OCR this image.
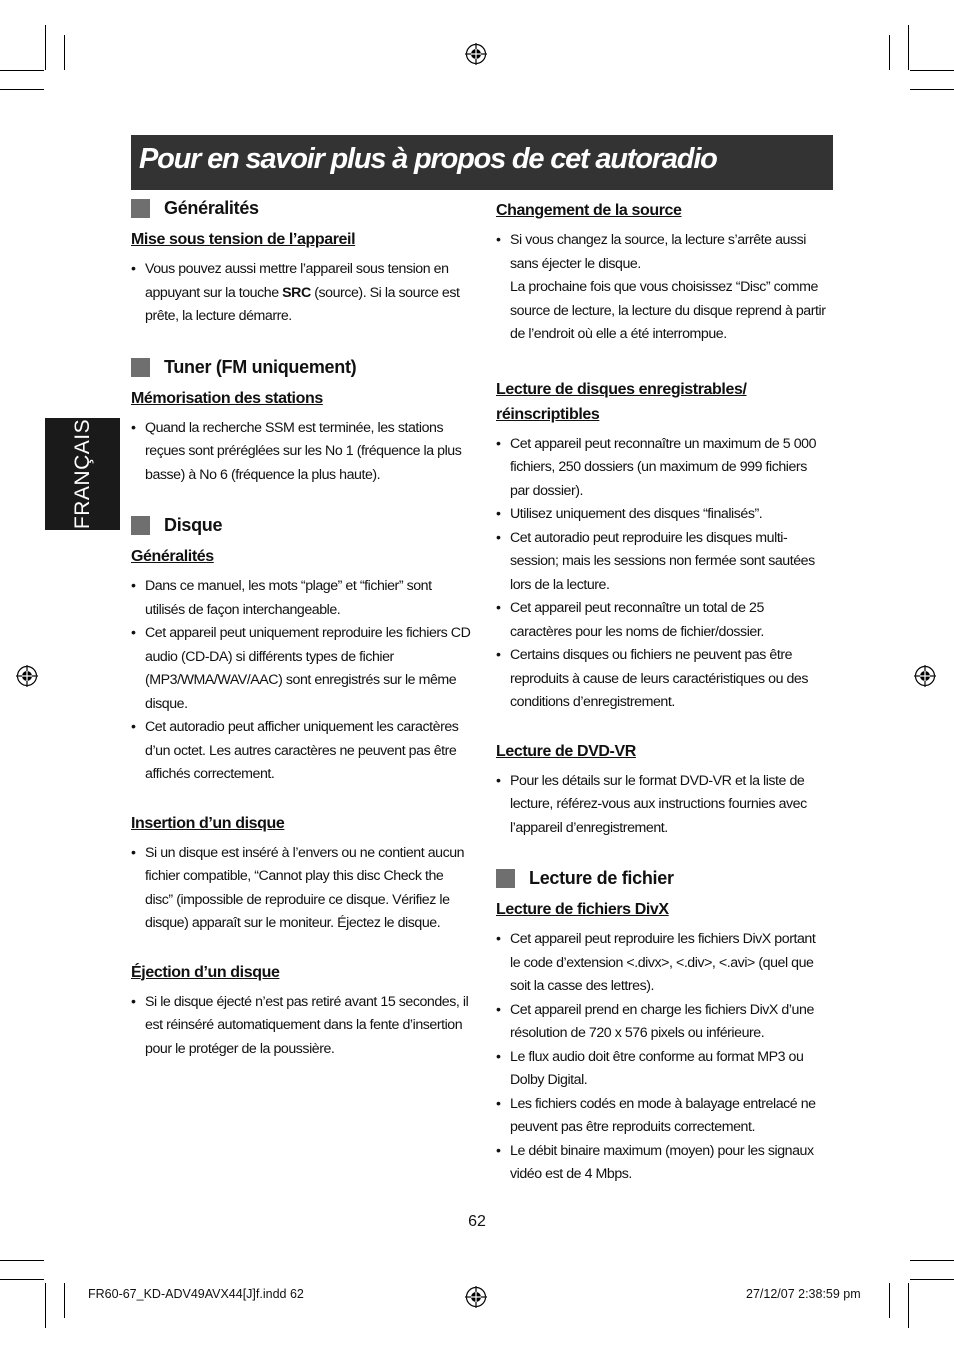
Pour en savoir plus à propos de cet autoradio
FRANÇAIS
Généralités

Mise sous tension de l’appareil

• Vous pouvez aussi mettre l’appareil sous tension en appuyant sur la touche SRC (source). Si la source est prête, la lecture démarre.
Tuner (FM uniquement)

Mémorisation des stations

• Quand la recherche SSM est terminée, les stations reçues sont préréglées sur les No 1 (fréquence la plus basse) à No 6 (fréquence la plus haute).
Disque

Généralités

• Dans ce manuel, les mots “plage” et “fichier” sont utilisés de façon interchangeable.
• Cet appareil peut uniquement reproduire les fichiers CD audio (CD-DA) si différents types de fichier (MP3/WMA/WAV/AAC) sont enregistrés sur le même disque.
• Cet autoradio peut afficher uniquement les caractères d’un octet. Les autres caractères ne peuvent pas être affichés correctement.

Insertion d’un disque

• Si un disque est inséré à l’envers ou ne contient aucun fichier compatible, “Cannot play this disc Check the disc” (impossible de reproduire ce disque. Vérifiez le disque) apparaît sur le moniteur. Éjectez le disque.

Éjection d’un disque

• Si le disque éjecté n’est pas retiré avant 15 secondes, il est réinséré automatiquement dans la fente d’insertion pour le protéger de la poussière.

Changement de la source

• Si vous changez la source, la lecture s’arrête aussi sans éjecter le disque.

La prochaine fois que vous choisissez “Disc” comme source de lecture, la lecture du disque reprend à partir de l’endroit où elle a été interrompue.

Lecture de disques enregistrables/ réinscriptibles

• Cet appareil peut reconnaître un maximum de 5 000 fichiers, 250 dossiers (un maximum de 999 fichiers par dossier).
• Utilisez uniquement des disques “finalisés”.
• Cet autoradio peut reproduire les disques multi-session; mais les sessions non fermée sont sautées lors de la lecture.
• Cet appareil peut reconnaître un total de 25 caractères pour les noms de fichier/dossier.
• Certains disques ou fichiers ne peuvent pas être reproduits à cause de leurs caractéristiques ou des conditions d’enregistrement.

Lecture de DVD-VR

• Pour les détails sur le format DVD-VR et la liste de lecture, référez-vous aux instructions fournies avec l’appareil d’enregistrement.
Lecture de fichier

Lecture de fichiers DivX

• Cet appareil peut reproduire les fichiers DivX portant le code d’extension <.divx>, <.div>, <.avi> (quel que soit la casse des lettres).
• Cet appareil prend en charge les fichiers DivX d’une résolution de 720 x 576 pixels ou inférieure.
• Le flux audio doit être conforme au format MP3 ou Dolby Digital.
• Les fichiers codés en mode à balayage entrelacé ne peuvent pas être reproduits correctement.
• Le débit binaire maximum (moyen) pour les signaux vidéo est de 4 Mbps.
62
FR60-67_KD-ADV49AVX44[J]f.indd 62	27/12/07 2:38:59 pm
